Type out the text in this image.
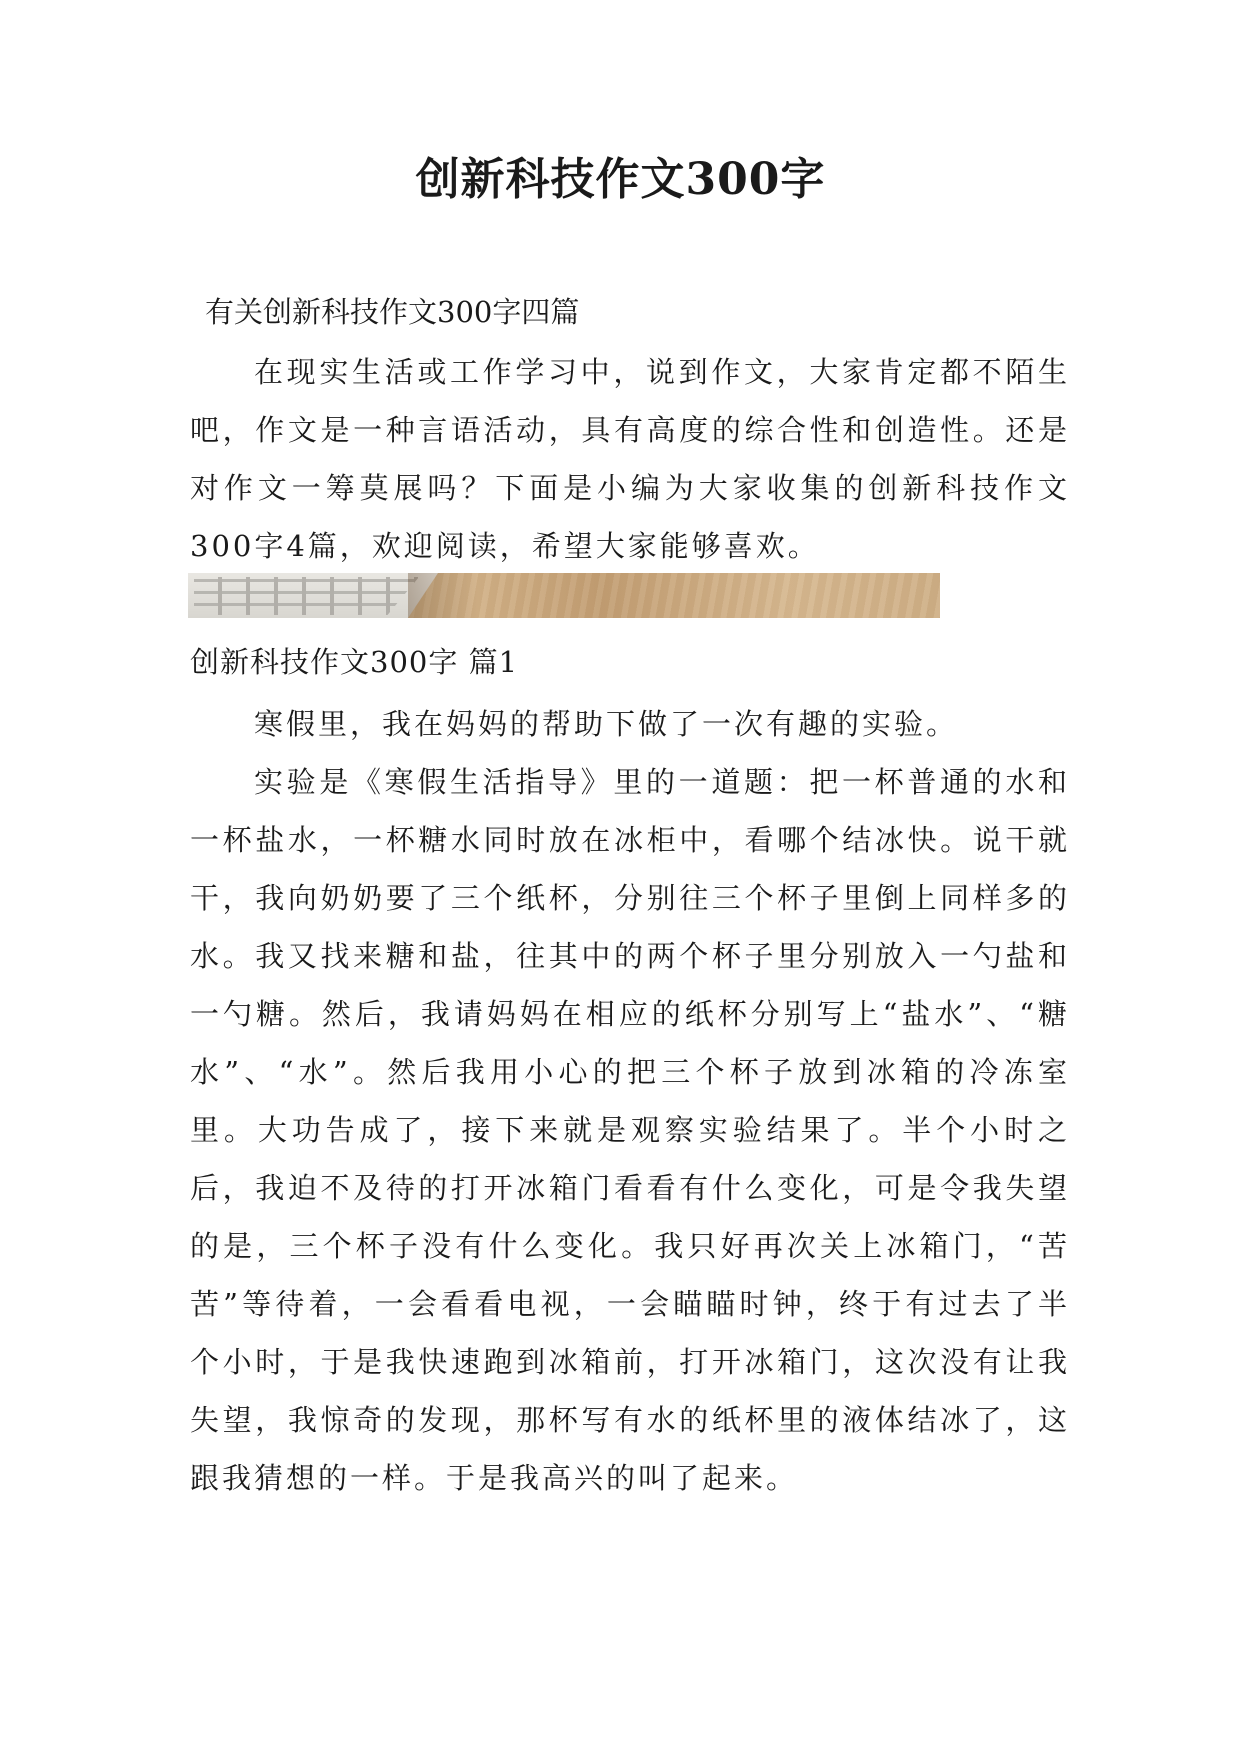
创新科技作文300字

有关创新科技作文300字四篇

在现实生活或工作学习中，说到作文，大家肯定都不陌生吧，作文是一种言语活动，具有高度的综合性和创造性。还是对作文一筹莫展吗？下面是小编为大家收集的创新科技作文300字4篇，欢迎阅读，希望大家能够喜欢。

创新科技作文300字 篇1

寒假里，我在妈妈的帮助下做了一次有趣的实验。

实验是《寒假生活指导》里的一道题：把一杯普通的水和一杯盐水，一杯糖水同时放在冰柜中，看哪个结冰快。说干就干，我向奶奶要了三个纸杯，分别往三个杯子里倒上同样多的水。我又找来糖和盐，往其中的两个杯子里分别放入一勺盐和一勺糖。然后，我请妈妈在相应的纸杯分别写上“盐水”、“糖水”、“水”。然后我用小心的把三个杯子放到冰箱的冷冻室里。大功告成了，接下来就是观察实验结果了。半个小时之后，我迫不及待的打开冰箱门看看有什么变化，可是令我失望的是，三个杯子没有什么变化。我只好再次关上冰箱门，“苦苦”等待着，一会看看电视，一会瞄瞄时钟，终于有过去了半个小时，于是我快速跑到冰箱前，打开冰箱门，这次没有让我失望，我惊奇的发现，那杯写有水的纸杯里的液体结冰了，这跟我猜想的一样。于是我高兴的叫了起来。
